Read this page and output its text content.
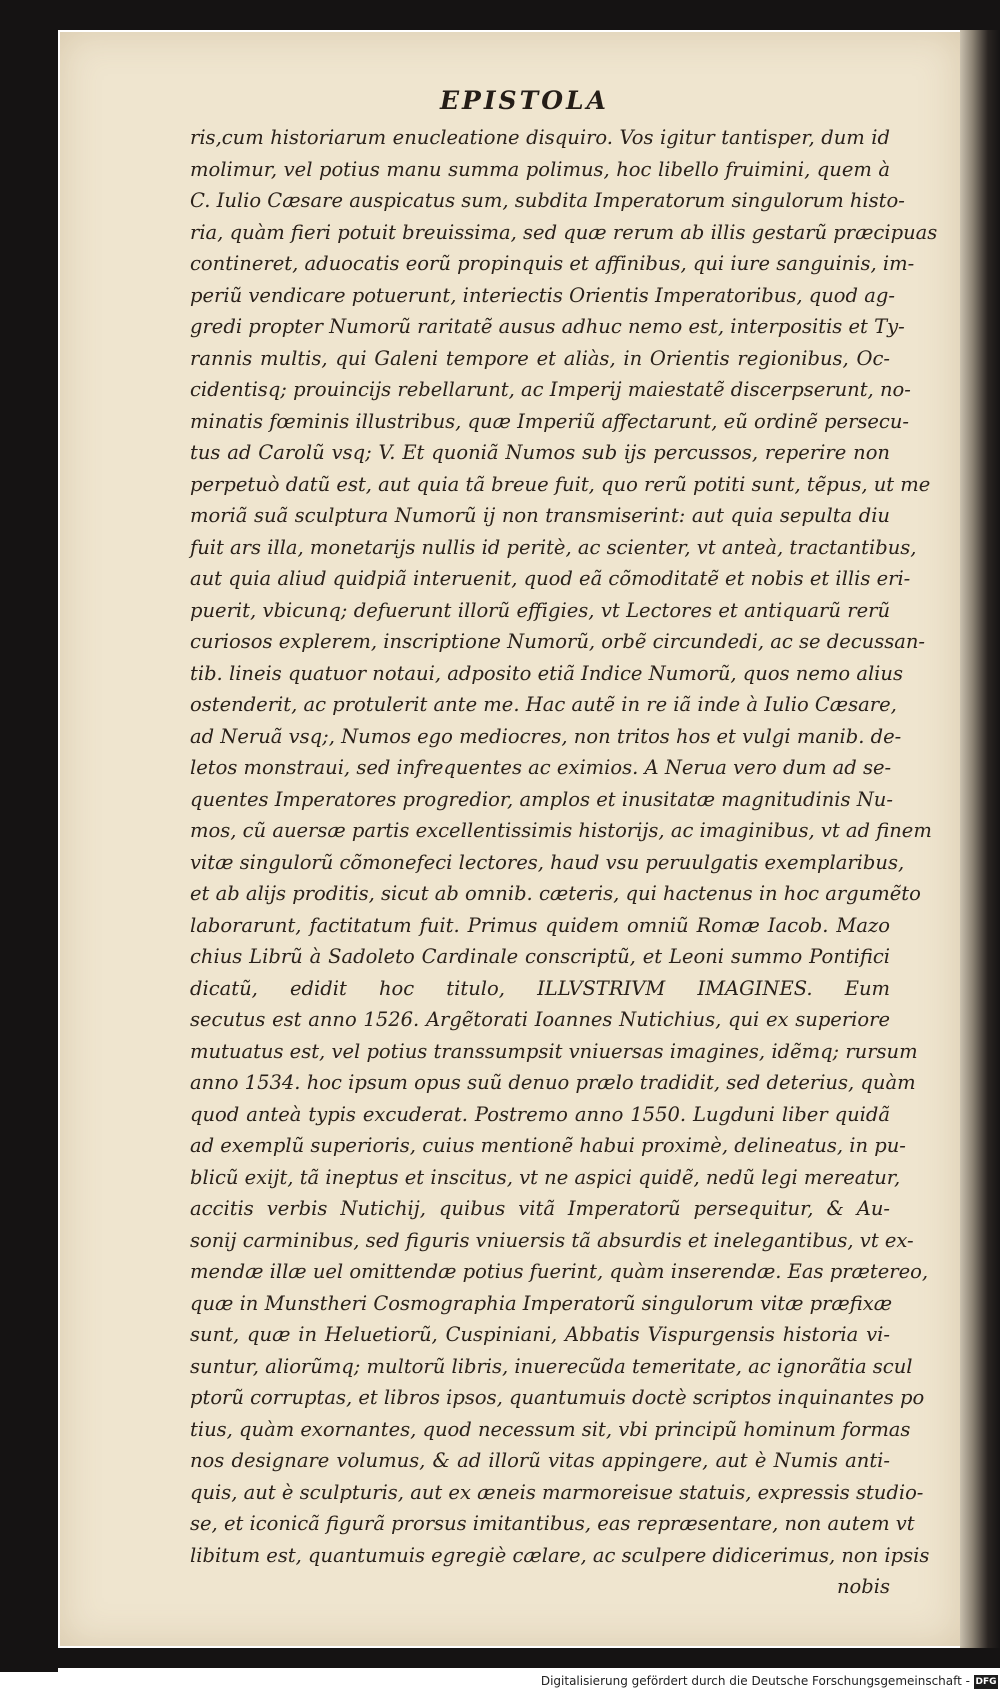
EPISTOLA
ris,cum historiarum enucleatione disquiro. Vos igitur tantisper, dum id
molimur, vel potius manu summa polimus, hoc libello fruimini, quem à
C. Iulio Cæsare auspicatus sum, subdita Imperatorum singulorum histo-
ria, quàm fieri potuit breuissima, sed quæ rerum ab illis gestarũ præcipuas
contineret, aduocatis eorũ propinquis et affinibus, qui iure sanguinis, im-
periũ vendicare potuerunt, interiectis Orientis Imperatoribus, quod ag-
gredi propter Numorũ raritatẽ ausus adhuc nemo est, interpositis et Ty-
rannis multis, qui Galeni tempore et aliàs, in Orientis regionibus, Oc-
cidentisq; prouincijs rebellarunt, ac Imperij maiestatẽ discerpserunt, no-
minatis fœminis illustribus, quæ Imperiũ affectarunt, eũ ordinẽ persecu-
tus ad Carolũ vsq; V. Et quoniã Numos sub ijs percussos, reperire non
perpetuò datũ est, aut quia tã breue fuit, quo rerũ potiti sunt, tẽpus, ut me
moriã suã sculptura Numorũ ij non transmiserint: aut quia sepulta diu
fuit ars illa, monetarijs nullis id peritè, ac scienter, vt anteà, tractantibus,
aut quia aliud quidpiã interuenit, quod eã cõmoditatẽ et nobis et illis eri-
puerit, vbicunq; defuerunt illorũ effigies, vt Lectores et antiquarũ rerũ
curiosos explerem, inscriptione Numorũ, orbẽ circundedi, ac se decussan-
tib. lineis quatuor notaui, adposito etiã Indice Numorũ, quos nemo alius
ostenderit, ac protulerit ante me. Hac autẽ in re iã inde à Iulio Cæsare,
ad Neruã vsq;, Numos ego mediocres, non tritos hos et vulgi manib. de-
letos monstraui, sed infrequentes ac eximios. A Nerua vero dum ad se-
quentes Imperatores progredior, amplos et inusitatæ magnitudinis Nu-
mos, cũ auersæ partis excellentissimis historijs, ac imaginibus, vt ad finem
vitæ singulorũ cõmonefeci lectores, haud vsu peruulgatis exemplaribus,
et ab alijs proditis, sicut ab omnib. cæteris, qui hactenus in hoc argumẽto
laborarunt, factitatum fuit. Primus quidem omniũ Romæ Iacob. Mazo
chius Librũ à Sadoleto Cardinale conscriptũ, et Leoni summo Pontifici
dicatũ, edidit hoc titulo, ILLVSTRIVM IMAGINES. Eum
secutus est anno 1526. Argẽtorati Ioannes Nutichius, qui ex superiore
mutuatus est, vel potius transsumpsit vniuersas imagines, idẽmq; rursum
anno 1534. hoc ipsum opus suũ denuo prælo tradidit, sed deterius, quàm
quod anteà typis excuderat. Postremo anno 1550. Lugduni liber quidã
ad exemplũ superioris, cuius mentionẽ habui proximè, delineatus, in pu-
blicũ exijt, tã ineptus et inscitus, vt ne aspici quidẽ, nedũ legi mereatur,
accitis verbis Nutichij, quibus vitã Imperatorũ persequitur, & Au-
sonij carminibus, sed figuris vniuersis tã absurdis et inelegantibus, vt ex-
mendæ illæ uel omittendæ potius fuerint, quàm inserendæ. Eas prætereo,
quæ in Munstheri Cosmographia Imperatorũ singulorum vitæ præfixæ
sunt, quæ in Heluetiorũ, Cuspiniani, Abbatis Vispurgensis historia vi-
suntur, aliorũmq; multorũ libris, inuerecũda temeritate, ac ignorãtia scul
ptorũ corruptas, et libros ipsos, quantumuis doctè scriptos inquinantes po
tius, quàm exornantes, quod necessum sit, vbi principũ hominum formas
nos designare volumus, & ad illorũ vitas appingere, aut è Numis anti-
quis, aut è sculpturis, aut ex æneis marmoreisue statuis, expressis studio-
se, et iconicã figurã prorsus imitantibus, eas repræsentare, non autem vt
libitum est, quantumuis egregiè cælare, ac sculpere didicerimus, non ipsis
nobis
Digitalisierung gefördert durch die Deutsche Forschungsgemeinschaft - DFG
